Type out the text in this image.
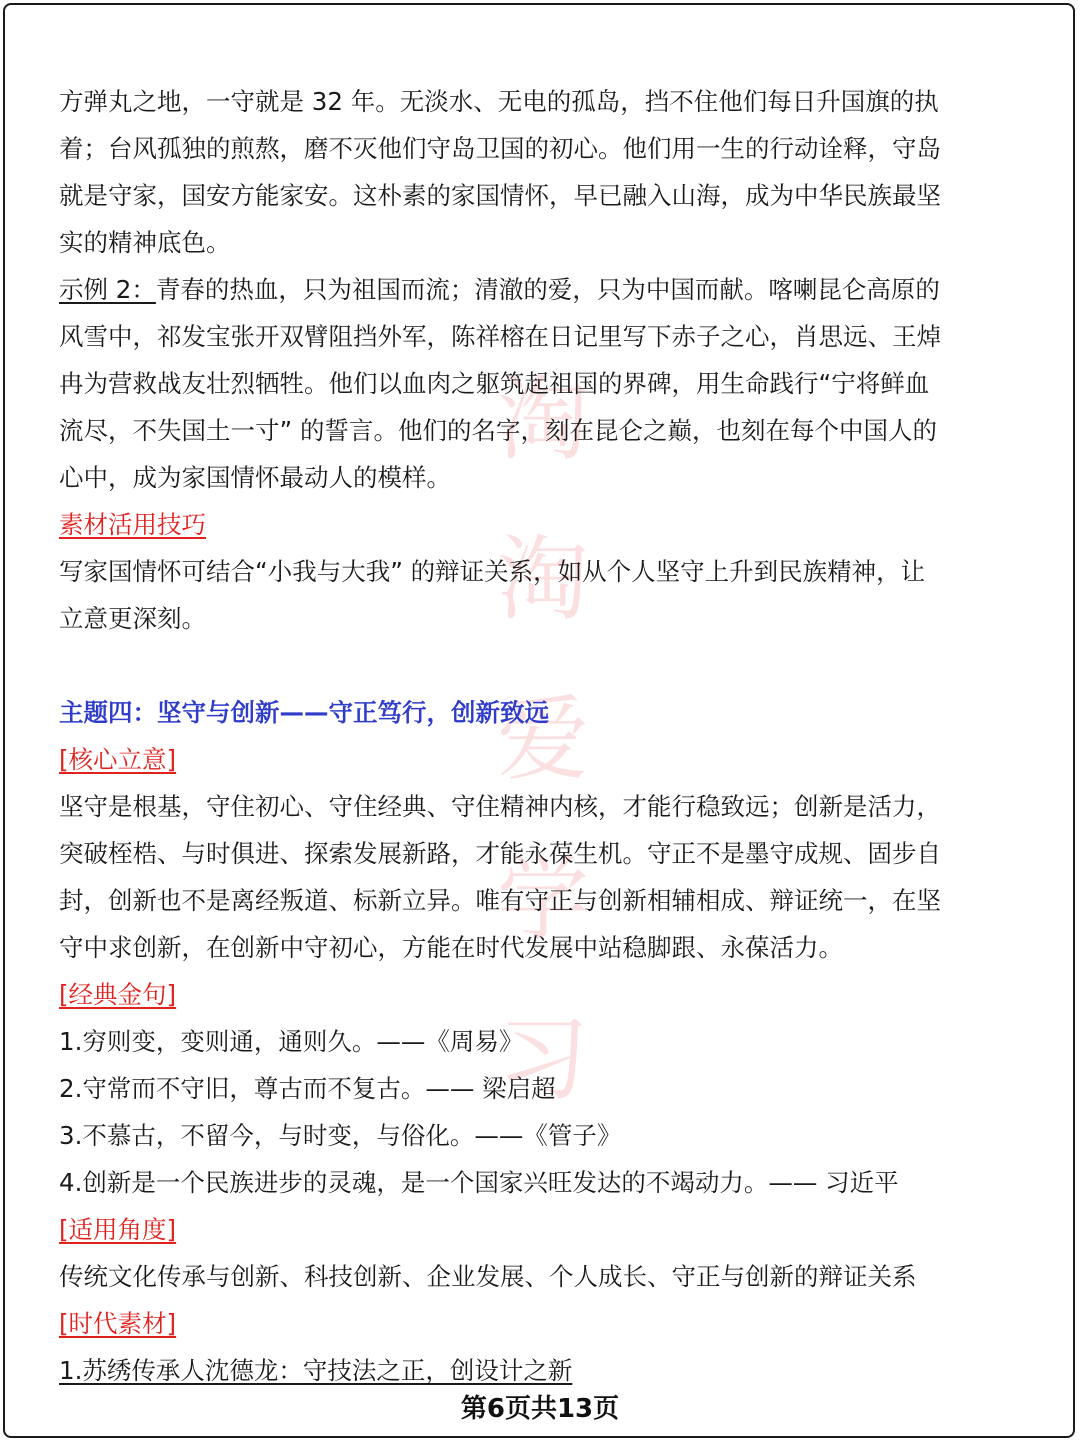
淘
淘
爱
学
习
方弹丸之地，一守就是 32 年。无淡水、无电的孤岛，挡不住他们每日升国旗的执
着；台风孤独的煎熬，磨不灭他们守岛卫国的初心。他们用一生的行动诠释，守岛
就是守家，国安方能家安。这朴素的家国情怀，早已融入山海，成为中华民族最坚
实的精神底色。
示例 2：青春的热血，只为祖国而流；清澈的爱，只为中国而献。喀喇昆仑高原的
风雪中，祁发宝张开双臂阻挡外军，陈祥榕在日记里写下赤子之心，肖思远、王焯
冉为营救战友壮烈牺牲。他们以血肉之躯筑起祖国的界碑，用生命践行“宁将鲜血
流尽，不失国土一寸” 的誓言。他们的名字，刻在昆仑之巅，也刻在每个中国人的
心中，成为家国情怀最动人的模样。
素材活用技巧
写家国情怀可结合“小我与大我” 的辩证关系，如从个人坚守上升到民族精神，让
立意更深刻。
主题四：坚守与创新——守正笃行，创新致远
[核心立意]
坚守是根基，守住初心、守住经典、守住精神内核，才能行稳致远；创新是活力，
突破桎梏、与时俱进、探索发展新路，才能永葆生机。守正不是墨守成规、固步自
封，创新也不是离经叛道、标新立异。唯有守正与创新相辅相成、辩证统一，在坚
守中求创新，在创新中守初心，方能在时代发展中站稳脚跟、永葆活力。
[经典金句]
1.穷则变，变则通，通则久。——《周易》
2.守常而不守旧，尊古而不复古。—— 梁启超
3.不慕古，不留今，与时变，与俗化。——《管子》
4.创新是一个民族进步的灵魂，是一个国家兴旺发达的不竭动力。—— 习近平
[适用角度]
传统文化传承与创新、科技创新、企业发展、个人成长、守正与创新的辩证关系
[时代素材]
1.苏绣传承人沈德龙：守技法之正，创设计之新
第6页共13页
